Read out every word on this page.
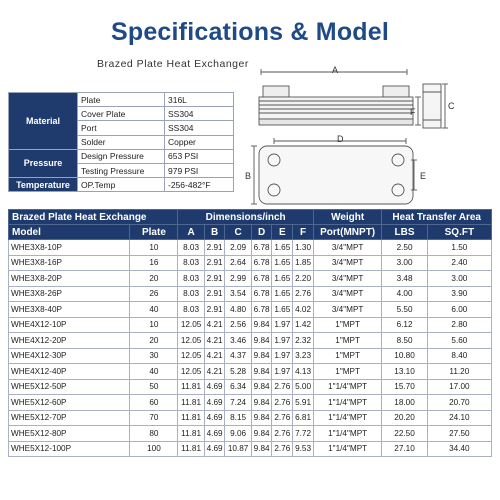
Specifications & Model
Brazed Plate Heat Exchanger
Material	Plate	316L
	Cover Plate	SS304
	Port	SS304
	Solder	Copper
Pressure	Design Pressure	653 PSI
	Testing Pressure	979 PSI
Temperature	OP.Temp	-256-482°F
A
F
C
D
B	E
Brazed Plate Heat Exchange		Dimensions/inch						Weight	Heat Transfer Area	
Model	Plate	A	B	C	D	E	F	Port(MNPT)	LBS	SQ.FT
WHE3X8-10P	10	8.03	2.91	2.09	6.78	1.65	1.30	3/4"MPT	2.50	1.50
WHE3X8-16P	16	8.03	2.91	2.64	6.78	1.65	1.85	3/4"MPT	3.00	2.40
WHE3X8-20P	20	8.03	2.91	2.99	6.78	1.65	2.20	3/4"MPT	3.48	3.00
WHE3X8-26P	26	8.03	2.91	3.54	6.78	1.65	2.76	3/4"MPT	4.00	3.90
WHE3X8-40P	40	8.03	2.91	4.80	6.78	1.65	4.02	3/4"MPT	5.50	6.00
WHE4X12-10P	10	12.05	4.21	2.56	9.84	1.97	1.42	1"MPT	6.12	2.80
WHE4X12-20P	20	12.05	4.21	3.46	9.84	1.97	2.32	1"MPT	8.50	5.60
WHE4X12-30P	30	12.05	4.21	4.37	9.84	1.97	3.23	1"MPT	10.80	8.40
WHE4X12-40P	40	12.05	4.21	5.28	9.84	1.97	4.13	1"MPT	13.10	11.20
WHE5X12-50P	50	11.81	4.69	6.34	9.84	2.76	5.00	1"1/4"MPT	15.70	17.00
WHE5X12-60P	60	11.81	4.69	7.24	9.84	2.76	5.91	1"1/4"MPT	18.00	20.70
WHE5X12-70P	70	11.81	4.69	8.15	9.84	2.76	6.81	1"1/4"MPT	20.20	24.10
WHE5X12-80P	80	11.81	4.69	9.06	9.84	2.76	7.72	1"1/4"MPT	22.50	27.50
WHE5X12-100P	100	11.81	4.69	10.87	9.84	2.76	9.53	1"1/4"MPT	27.10	34.40
